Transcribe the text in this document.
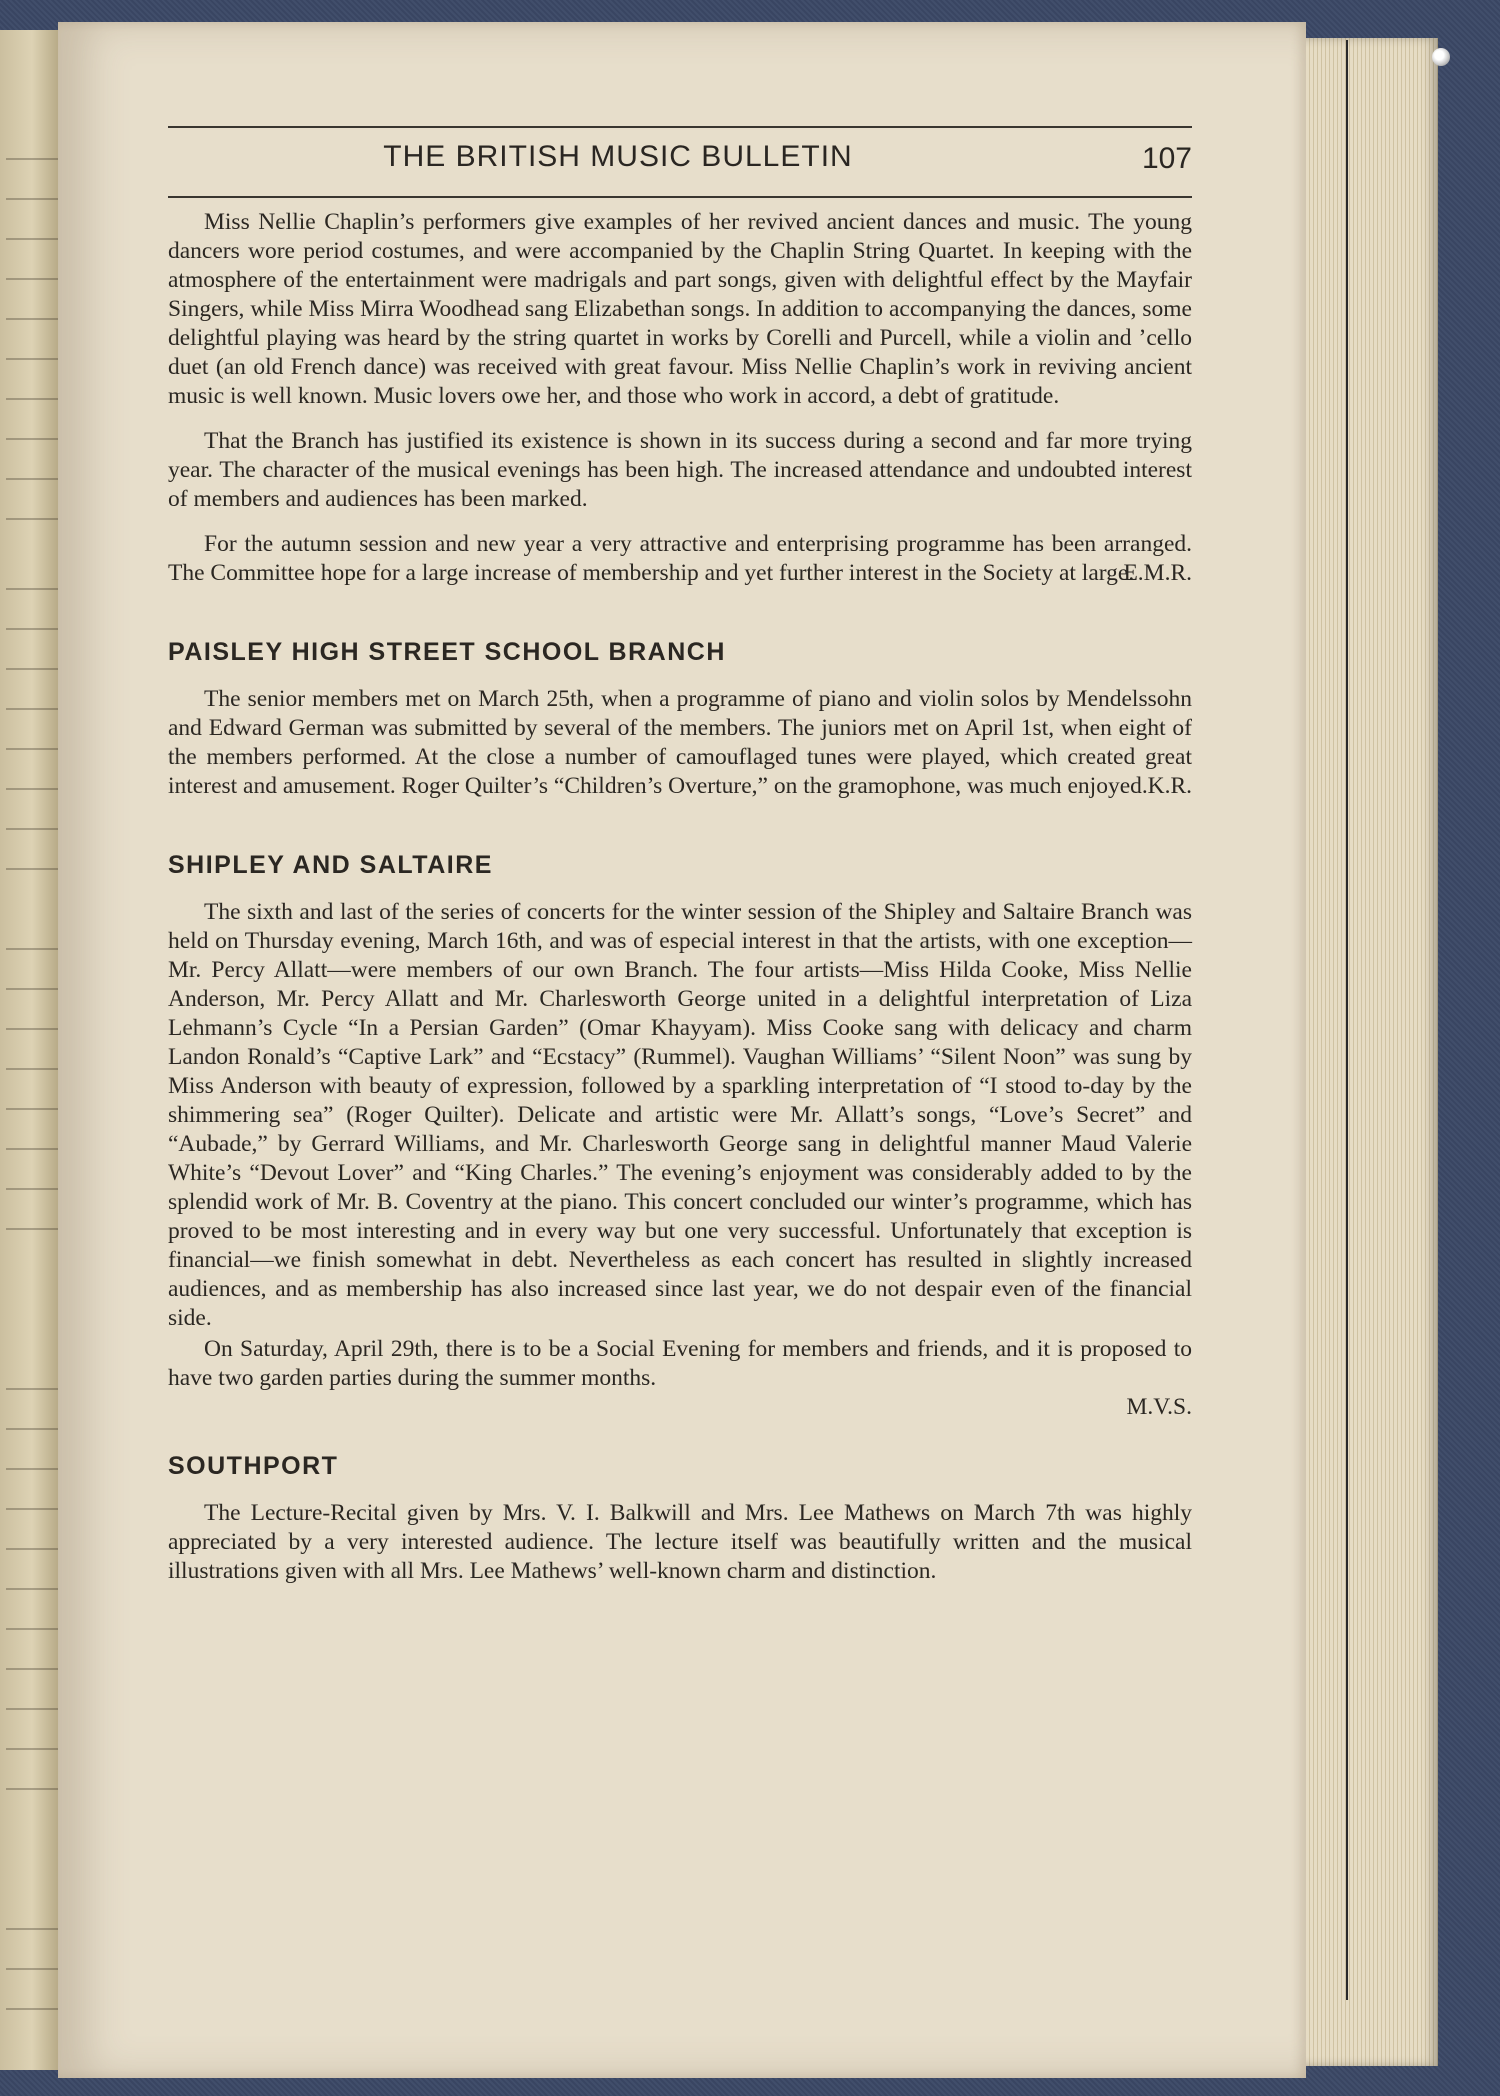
THE BRITISH MUSIC BULLETIN	107

Miss Nellie Chaplin’s performers give examples of her revived ancient dances and music. The young dancers wore period costumes, and were accompanied by the Chaplin String Quartet. In keeping with the atmosphere of the entertainment were madrigals and part songs, given with delightful effect by the Mayfair Singers, while Miss Mirra Woodhead sang Elizabethan songs. In addition to accompanying the dances, some delightful playing was heard by the string quartet in works by Corelli and Purcell, while a violin and ’cello duet (an old French dance) was received with great favour. Miss Nellie Chaplin’s work in reviving ancient music is well known. Music lovers owe her, and those who work in accord, a debt of gratitude.

That the Branch has justified its existence is shown in its success during a second and far more trying year. The character of the musical evenings has been high. The increased attendance and undoubted interest of members and audiences has been marked.

For the autumn session and new year a very attractive and enterprising programme has been arranged. The Committee hope for a large increase of membership and yet further interest in the Society at large.

E.M.R.
PAISLEY HIGH STREET SCHOOL BRANCH

The senior members met on March 25th, when a programme of piano and violin solos by Mendelssohn and Edward German was submitted by several of the members. The juniors met on April 1st, when eight of the members performed. At the close a number of camouflaged tunes were played, which created great interest and amusement. Roger Quilter’s “Children’s Overture,” on the gramophone, was much enjoyed. K.R.
SHIPLEY AND SALTAIRE

The sixth and last of the series of concerts for the winter session of the Shipley and Saltaire Branch was held on Thursday evening, March 16th, and was of especial interest in that the artists, with one exception—Mr. Percy Allatt—were members of our own Branch. The four artists—Miss Hilda Cooke, Miss Nellie Anderson, Mr. Percy Allatt and Mr. Charlesworth George united in a delightful interpretation of Liza Lehmann’s Cycle “In a Persian Garden” (Omar Khayyam). Miss Cooke sang with delicacy and charm Landon Ronald’s “Captive Lark” and “Ecstacy” (Rummel). Vaughan Williams’ “Silent Noon” was sung by Miss Anderson with beauty of expression, followed by a sparkling interpretation of “I stood to-day by the shimmering sea” (Roger Quilter). Delicate and artistic were Mr. Allatt’s songs, “Love’s Secret” and “Aubade,” by Gerrard Williams, and Mr. Charlesworth George sang in delightful manner Maud Valerie White’s “Devout Lover” and “King Charles.” The evening’s enjoyment was considerably added to by the splendid work of Mr. B. Coventry at the piano. This concert concluded our winter’s programme, which has proved to be most interesting and in every way but one very successful. Unfortunately that exception is financial—we finish somewhat in debt. Nevertheless as each concert has resulted in slightly increased audiences, and as membership has also increased since last year, we do not despair even of the financial side.

On Saturday, April 29th, there is to be a Social Evening for members and friends, and it is proposed to have two garden parties during the summer months.

M.V.S.
SOUTHPORT

The Lecture-Recital given by Mrs. V. I. Balkwill and Mrs. Lee Mathews on March 7th was highly appreciated by a very interested audience. The lecture itself was beautifully written and the musical illustrations given with all Mrs. Lee Mathews’ well-known charm and distinction.
